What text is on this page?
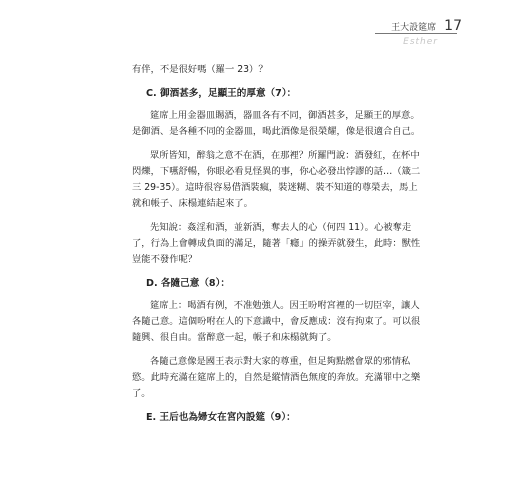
王大設筵席 17
Esther

有伴，不是很好嗎（羅一 23）？

C. 御酒甚多，足顯王的厚意（7）：

筵席上用金器皿賜酒，器皿各有不同，御酒甚多，足顯王的厚意。是御酒、是各種不同的金器皿，喝此酒像是很榮耀，像是很適合自己。

眾所皆知，醉翁之意不在酒，在那裡？所羅門說：酒發紅，在杯中閃爍，下嚥舒暢，你眼必看見怪異的事，你心必發出悖謬的話…（箴二三 29-35）。這時很容易借酒裝瘋，裝迷糊、裝不知道的尊榮去，馬上就和帳子、床榻連結起來了。

先知說：姦淫和酒，並新酒，奪去人的心（何四 11）。心被奪走了，行為上會轉成負面的滿足，隨著「癮」的操弄就發生，此時：獸性豈能不發作呢？

D. 各隨己意（8）：

筵席上：喝酒有例，不准勉強人。因王吩咐宮裡的一切臣宰，讓人各隨己意。這個吩咐在人的下意識中，會反應成：沒有拘束了。可以很隨興、很自由。當醉意一起，帳子和床榻就夠了。

各隨己意像是國王表示對大家的尊重，但足夠點燃會眾的邪情私慾。此時充滿在筵席上的，自然是縱情酒色無度的奔放。充滿罪中之樂了。

E. 王后也為婦女在宮內設筵（9）：
